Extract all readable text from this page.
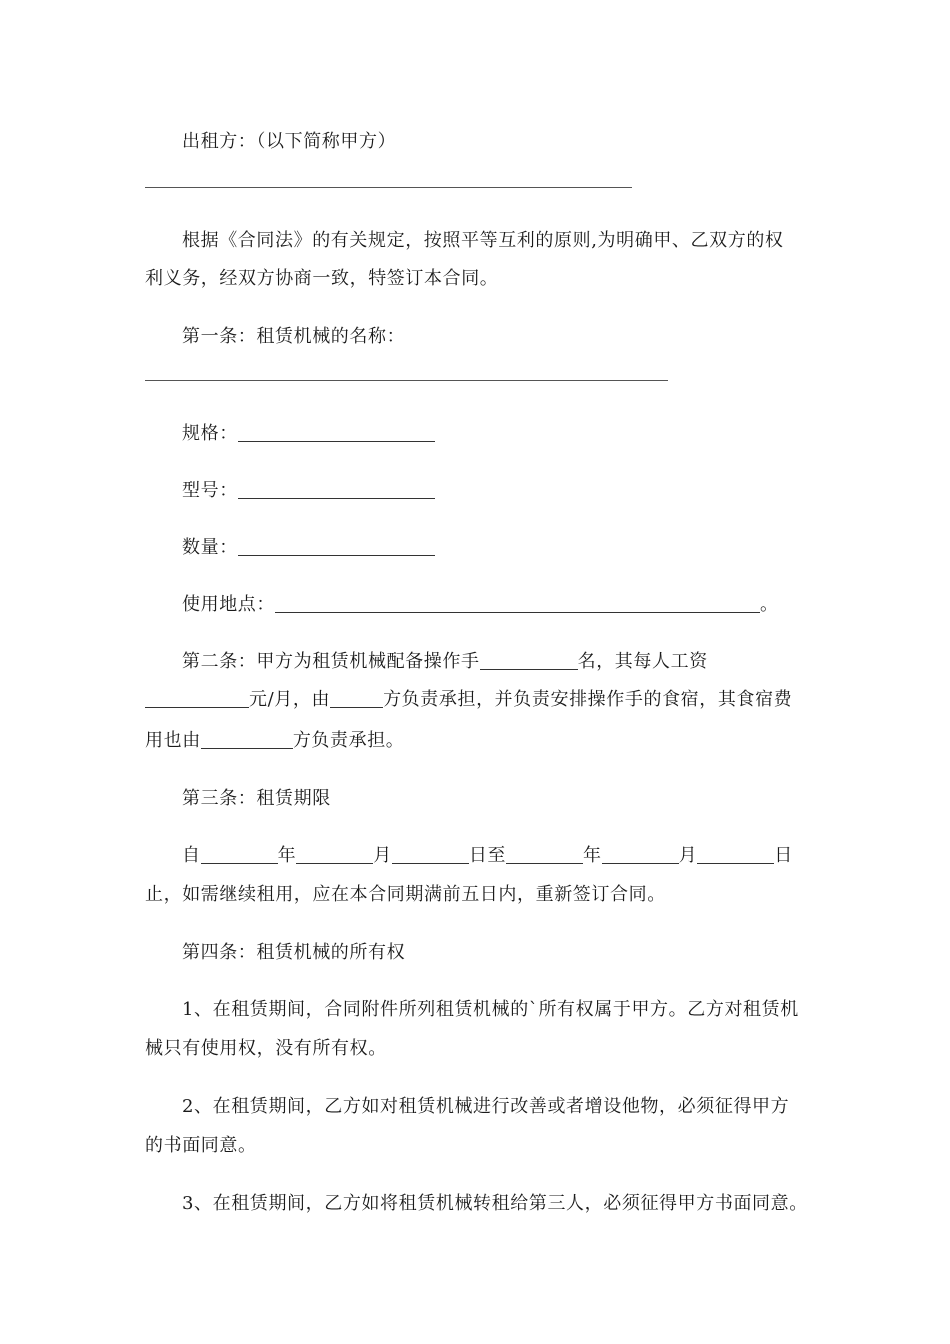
出租方：（以下简称甲方）
根据《合同法》的有关规定，按照平等互利的原则,为明确甲、乙双方的权
利义务，经双方协商一致，特签订本合同。
第一条：租赁机械的名称：
规格：
型号：
数量：
使用地点：	。
第二条：甲方为租赁机械配备操作手	名，其每人工资
元/月，由	方负责承担，并负责安排操作手的食宿，其食宿费
用也由	方负责承担。
第三条：租赁期限
自	年	月	日至	年	月	日
止，如需继续租用，应在本合同期满前五日内，重新签订合同。
第四条：租赁机械的所有权
1、在租赁期间，合同附件所列租赁机械的`所有权属于甲方。乙方对租赁机
械只有使用权，没有所有权。
2、在租赁期间，乙方如对租赁机械进行改善或者增设他物，必须征得甲方
的书面同意。
3、在租赁期间，乙方如将租赁机械转租给第三人，必须征得甲方书面同意。
